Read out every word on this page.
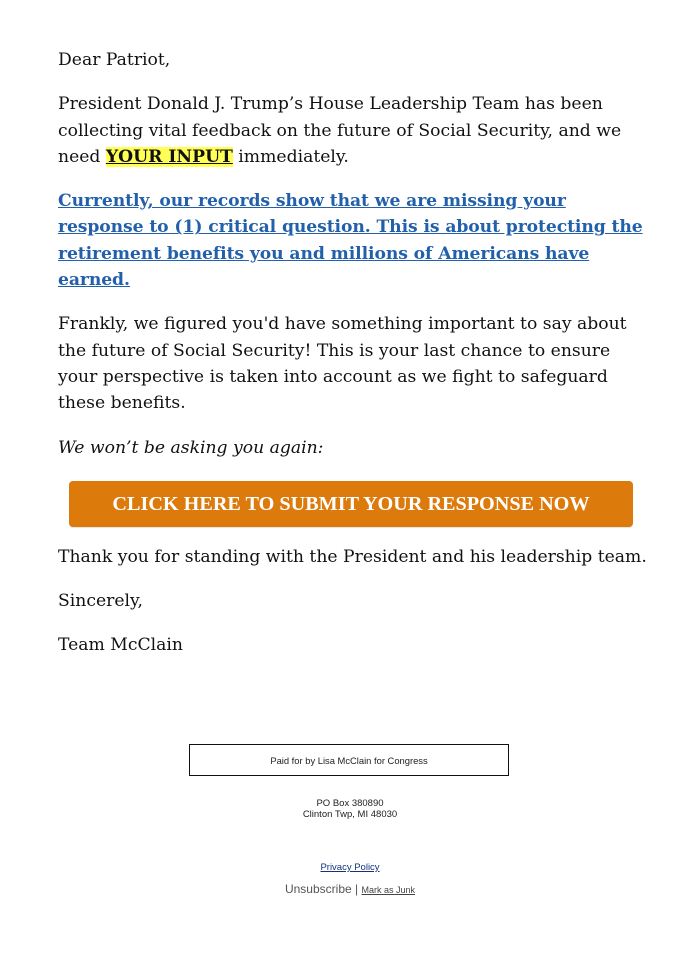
Dear Patriot,

President Donald J. Trump’s House Leadership Team has been collecting vital feedback on the future of Social Security, and we need YOUR INPUT immediately.

Currently, our records show that we are missing your response to (1) critical question. This is about protecting the retirement benefits you and millions of Americans have earned.

Frankly, we figured you'd have something important to say about the future of Social Security! This is your last chance to ensure your perspective is taken into account as we fight to safeguard these benefits.

We won’t be asking you again:

CLICK HERE TO SUBMIT YOUR RESPONSE NOW

Thank you for standing with the President and his leadership team.

Sincerely,

Team McClain

Paid for by Lisa McClain for Congress
PO Box 380890
Clinton Twp, MI 48030
Privacy Policy
Unsubscribe | Mark as Junk
